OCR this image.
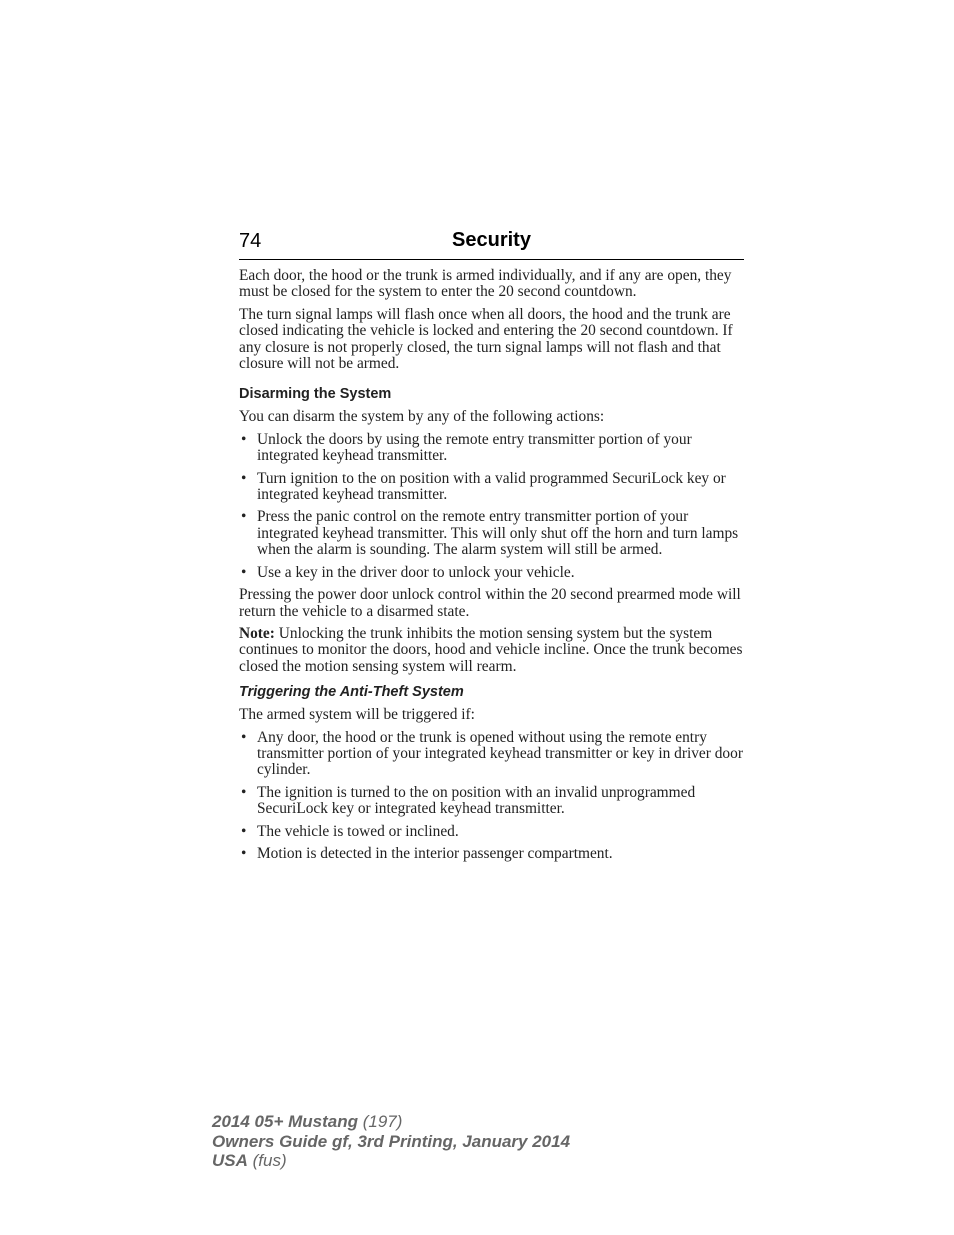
74	Security

Each door, the hood or the trunk is armed individually, and if any are open, they must be closed for the system to enter the 20 second countdown.

The turn signal lamps will flash once when all doors, the hood and the trunk are closed indicating the vehicle is locked and entering the 20 second countdown. If any closure is not properly closed, the turn signal lamps will not flash and that closure will not be armed.

Disarming the System

You can disarm the system by any of the following actions:

• Unlock the doors by using the remote entry transmitter portion of your integrated keyhead transmitter.
• Turn ignition to the on position with a valid programmed SecuriLock key or integrated keyhead transmitter.
• Press the panic control on the remote entry transmitter portion of your integrated keyhead transmitter. This will only shut off the horn and turn lamps when the alarm is sounding. The alarm system will still be armed.
• Use a key in the driver door to unlock your vehicle.

Pressing the power door unlock control within the 20 second prearmed mode will return the vehicle to a disarmed state.

Note: Unlocking the trunk inhibits the motion sensing system but the system continues to monitor the doors, hood and vehicle incline. Once the trunk becomes closed the motion sensing system will rearm.

Triggering the Anti-Theft System

The armed system will be triggered if:

• Any door, the hood or the trunk is opened without using the remote entry transmitter portion of your integrated keyhead transmitter or key in driver door cylinder.
• The ignition is turned to the on position with an invalid unprogrammed SecuriLock key or integrated keyhead transmitter.
• The vehicle is towed or inclined.
• Motion is detected in the interior passenger compartment.
2014 05+ Mustang (197)
Owners Guide gf, 3rd Printing, January 2014
USA (fus)
